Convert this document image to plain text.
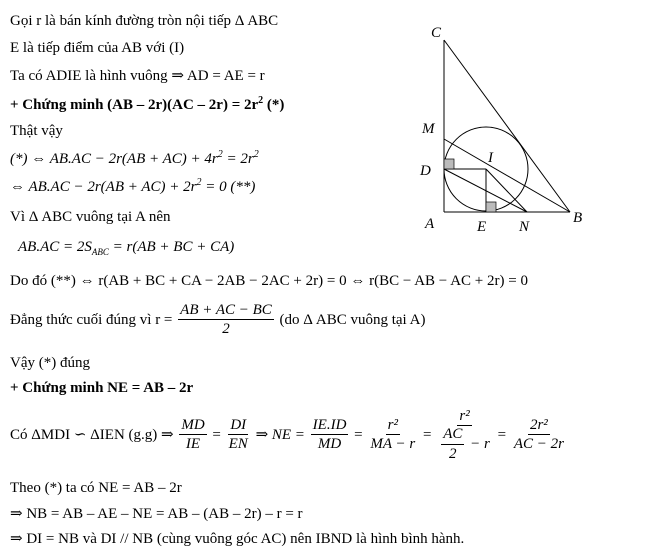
Gọi r là bán kính đường tròn nội tiếp Δ ABC
E là tiếp điểm của AB với (I)
Ta có ADIE là hình vuông ⇒ AD = AE = r
+ Chứng minh $(AB - 2r)(AC - 2r) = 2r^2$ (*)
Thật vậy
(*) ⇔ $AB.AC - 2r(AB + AC) + 4r^2 = 2r^2$
⇔ $AB.AC - 2r(AB + AC) + 2r^2 = 0$ (**)
Vì Δ ABC vuông tại A nên
$AB.AC = 2S_{ABC} = r(AB$ + BC + CA)
Do đó (**) ⇔ r(AB + BC + CA − 2AB − 2AC + 2r) = 0 ⇔ r(BC − AB − AC + 2r) = 0
Đẳng thức cuối đúng vì $r = \frac{AB + AC - BC}{2} (do$ Δ ABC vuông tại A)
Vậy (*) đúng
+ Chứng minh NE = AB – 2r
Có ΔMDI ∽ ΔIEN (g.g) ⇒ $\frac{MD}{IE} = \frac{DI}{EN}$ ⇒ NE = $\frac{IE.ID}{MD} = \frac{\text{r²}}{MA - r} = \frac{\text{r²}}{\frac{AC}{2} - r} = \frac{\text{2r²}}{AC - 2r}$
Theo (*) ta có NE = AB – 2r
⇒ NB = AB – AE – NE = AB – (AB – 2r) – r = r
⇒ DI = NB và DI // NB (cùng vuông góc AC) nên IBND là hình bình hành.
C
M
I
D
A	E N
B
